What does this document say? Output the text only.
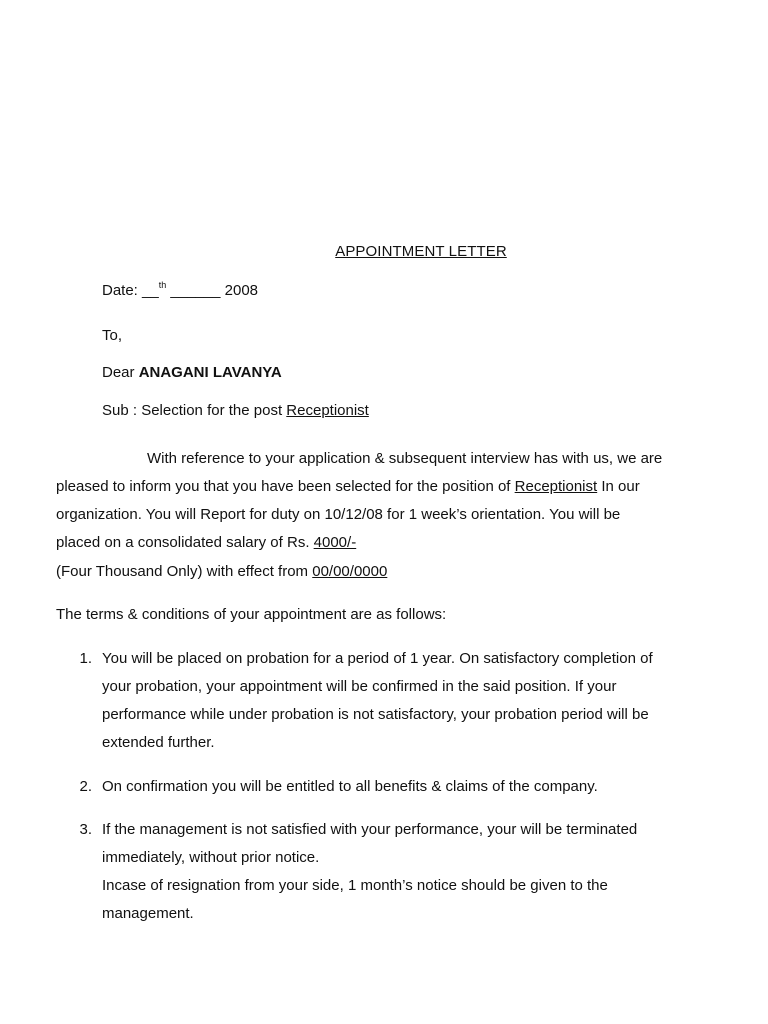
APPOINTMENT LETTER
Date: __$^{th}$ ______ 2008
To,
Dear ANAGANI LAVANYA
Sub : Selection for the post Receptionist
With reference to your application & subsequent interview has with us, we are
pleased to inform you that you have been selected for the position of Receptionist In our
organization. You will Report for duty on 10/12/08 for 1 week’s orientation. You will be
placed on a consolidated salary of Rs. 4000/-
(Four Thousand Only) with effect from 00/00/0000
The terms & conditions of your appointment are as follows:
1. You will be placed on probation for a period of 1 year. On satisfactory completion of
your probation, your appointment will be confirmed in the said position. If your
performance while under probation is not satisfactory, your probation period will be
extended further.
2. On confirmation you will be entitled to all benefits & claims of the company.
3. If the management is not satisfied with your performance, your will be terminated
immediately, without prior notice.
Incase of resignation from your side, 1 month’s notice should be given to the
management.
